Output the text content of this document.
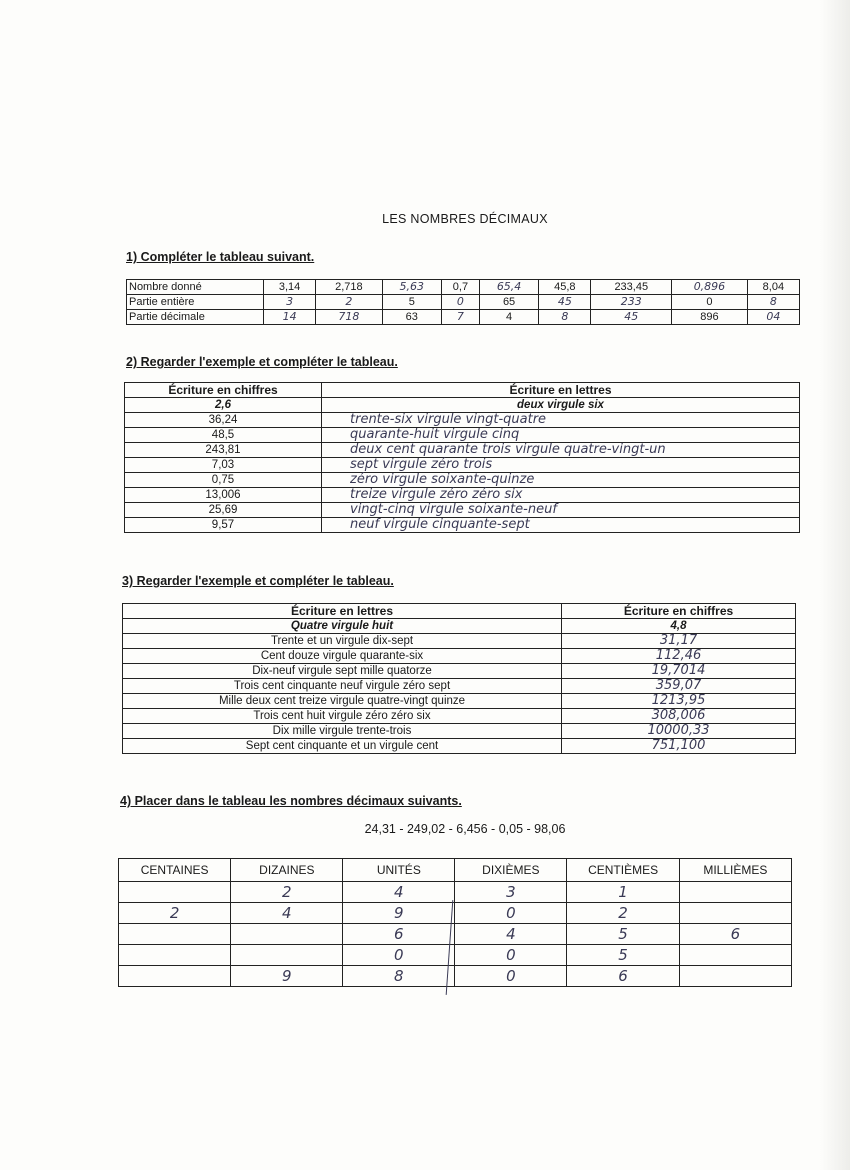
LES NOMBRES DÉCIMAUX
1) Compléter le tableau suivant.
Nombre donné	3,14	2,718	5,63	0,7	65,4	45,8	233,45	0,896	8,04
Partie entière	3	2	5	0	65	45	233	0	8
Partie décimale	14	718	63	7	4	8	45	896	04
2) Regarder l'exemple et compléter le tableau.
Écriture en chiffres	Écriture en lettres
2,6	deux virgule six
36,24	trente-six virgule vingt-quatre
48,5	quarante-huit virgule cinq
243,81	deux cent quarante trois virgule quatre-vingt-un
7,03	sept virgule zéro trois
0,75	zéro virgule soixante-quinze
13,006	treize virgule zéro zéro six
25,69	vingt-cinq virgule soixante-neuf
9,57	neuf virgule cinquante-sept
3) Regarder l'exemple et compléter le tableau.
Écriture en lettres	Écriture en chiffres
Quatre virgule huit	4,8
Trente et un virgule dix-sept	31,17
Cent douze virgule quarante-six	112,46
Dix-neuf virgule sept mille quatorze	19,7014
Trois cent cinquante neuf virgule zéro sept	359,07
Mille deux cent treize virgule quatre-vingt quinze	1213,95
Trois cent huit virgule zéro zéro six	308,006
Dix mille virgule trente-trois	10000,33
Sept cent cinquante et un virgule cent	751,100
4) Placer dans le tableau les nombres décimaux suivants.
24,31 - 249,02 - 6,456 - 0,05 - 98,06
CENTAINES	DIZAINES	UNITÉS	DIXIÈMES	CENTIÈMES	MILLIÈMES
	2	4	3	1	
2	4	9	0	2	
		6	4	5	6
		0	0	5	
	9	8	0	6	
